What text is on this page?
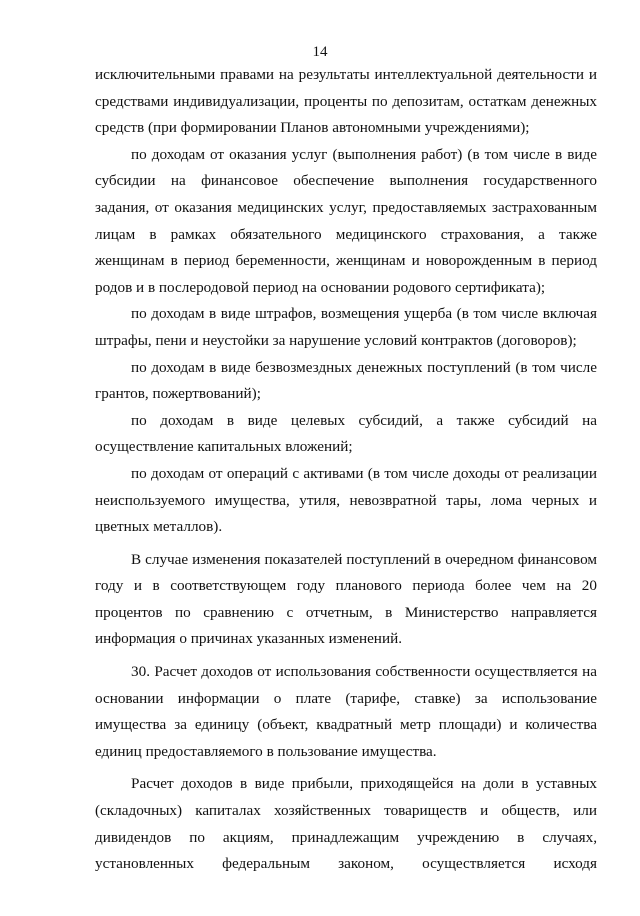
14

исключительными правами на результаты интеллектуальной деятельности и средствами индивидуализации, проценты по депозитам, остаткам денежных средств (при формировании Планов автономными учреждениями);

по доходам от оказания услуг (выполнения работ) (в том числе в виде субсидии на финансовое обеспечение выполнения государственного задания, от оказания медицинских услуг, предоставляемых застрахованным лицам в рамках обязательного медицинского страхования, а также женщинам в период беременности, женщинам и новорожденным в период родов и в послеродовой период на основании родового сертификата);

по доходам в виде штрафов, возмещения ущерба (в том числе включая штрафы, пени и неустойки за нарушение условий контрактов (договоров);

по доходам в виде безвозмездных денежных поступлений (в том числе грантов, пожертвований);

по доходам в виде целевых субсидий, а также субсидий на осуществление капитальных вложений;

по доходам от операций с активами (в том числе доходы от реализации неиспользуемого имущества, утиля, невозвратной тары, лома черных и цветных металлов).

В случае изменения показателей поступлений в очередном финансовом году и в соответствующем году планового периода более чем на 20 процентов по сравнению с отчетным, в Министерство направляется информация о причинах указанных изменений.

30. Расчет доходов от использования собственности осуществляется на основании информации о плате (тарифе, ставке) за использование имущества за единицу (объект, квадратный метр площади) и количества единиц предоставляемого в пользование имущества.

Расчет доходов в виде прибыли, приходящейся на доли в уставных (складочных) капиталах хозяйственных товариществ и обществ, или дивидендов по акциям, принадлежащим учреждению в случаях, установленных федеральным законом, осуществляется исходя
